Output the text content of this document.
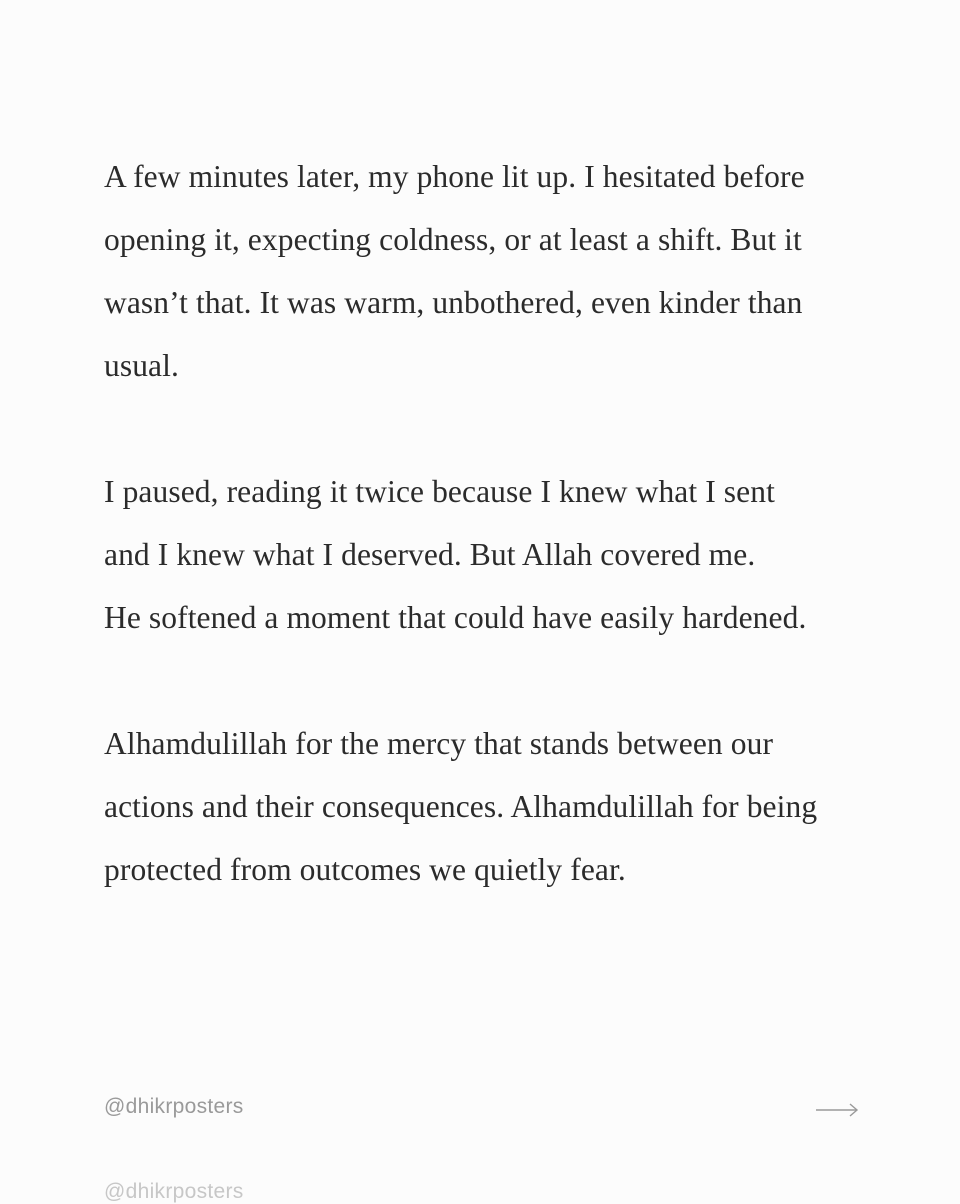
A few minutes later, my phone lit up. I hesitated before
opening it, expecting coldness, or at least a shift. But it
wasn’t that. It was warm, unbothered, even kinder than
usual.

I paused, reading it twice because I knew what I sent
and I knew what I deserved. But Allah covered me.
He softened a moment that could have easily hardened.

Alhamdulillah for the mercy that stands between our
actions and their consequences. Alhamdulillah for being
protected from outcomes we quietly fear.

@dhikrposters
@dhikrposters
